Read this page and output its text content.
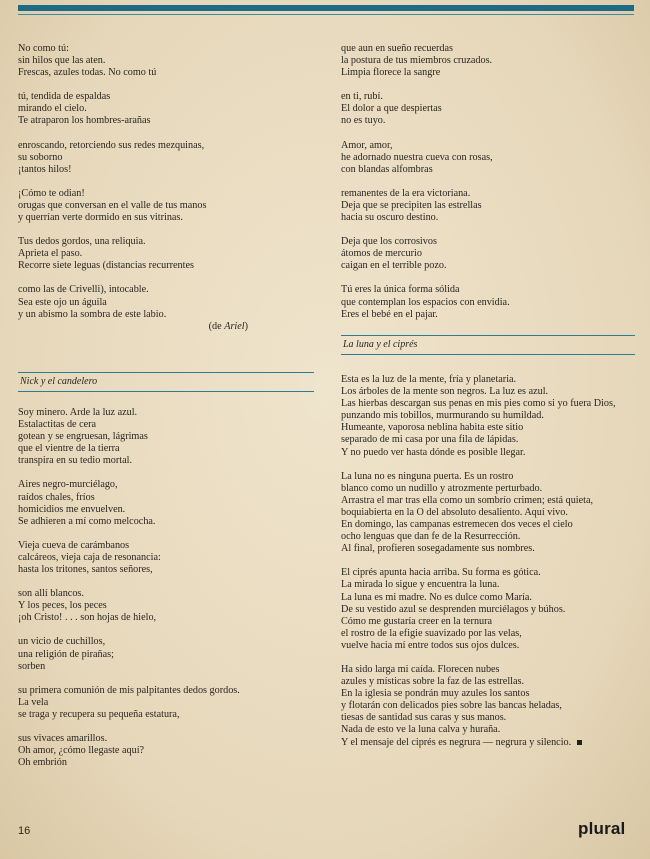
No como tú:
sin hilos que las aten.
Frescas, azules todas. No como tú
tú, tendida de espaldas
mirando el cielo.
Te atraparon los hombres-arañas
enroscando, retorciendo sus redes mezquinas,
su soborno
¡tantos hilos!
¡Cómo te odian!
orugas que conversan en el valle de tus manos
y querrían verte dormido en sus vitrinas.
Tus dedos gordos, una reliquia.
Aprieta el paso.
Recorre siete leguas (distancias recurrentes
como las de Crivelli), intocable.
Sea este ojo un águila
y un abismo la sombra de este labio.
(de Ariel)
que aun en sueño recuerdas
la postura de tus miembros cruzados.
Limpia florece la sangre
en ti, rubí.
El dolor a que despiertas
no es tuyo.
Amor, amor,
he adornado nuestra cueva con rosas,
con blandas alfombras
remanentes de la era victoriana.
Deja que se precipiten las estrellas
hacia su oscuro destino.
Deja que los corrosivos
átomos de mercurio
caigan en el terrible pozo.
Tú eres la única forma sólida
que contemplan los espacios con envidia.
Eres el bebé en el pajar.
Nick y el candelero
Soy minero. Arde la luz azul.
Estalactitas de cera
gotean y se engruesan, lágrimas
que el vientre de la tierra
transpira en su tedio mortal.
Aires negro-murciélago,
raídos chales, fríos
homicidios me envuelven.
Se adhieren a mí como melcocha.
Vieja cueva de carámbanos
calcáreos, vieja caja de resonancia:
hasta los tritones, santos señores,
son allí blancos.
Y los peces, los peces
¡oh Cristo! . . . son hojas de hielo,
un vicio de cuchillos,
una religión de pirañas;
sorben
su primera comunión de mis palpitantes dedos gordos.
La vela
se traga y recupera su pequeña estatura,
sus vivaces amarillos.
Oh amor, ¿cómo llegaste aquí?
Oh embrión
La luna y el ciprés
Esta es la luz de la mente, fría y planetaria.
Los árboles de la mente son negros. La luz es azul.
Las hierbas descargan sus penas en mis pies como si yo fuera Dios,
punzando mis tobillos, murmurando su humildad.
Humeante, vaporosa neblina habita este sitio
separado de mi casa por una fila de lápidas.
Y no puedo ver hasta dónde es posible llegar.
La luna no es ninguna puerta. Es un rostro
blanco como un nudillo y atrozmente perturbado.
Arrastra el mar tras ella como un sombrío crimen; está quieta,
boquiabierta en la O del absoluto desaliento. Aquí vivo.
En domingo, las campanas estremecen dos veces el cielo
ocho lenguas que dan fe de la Resurrección.
Al final, profieren sosegadamente sus nombres.
El ciprés apunta hacia arriba. Su forma es gótica.
La mirada lo sigue y encuentra la luna.
La luna es mi madre. No es dulce como María.
De su vestido azul se desprenden murciélagos y búhos.
Cómo me gustaría creer en la ternura
el rostro de la efigie suavizado por las velas,
vuelve hacia mí entre todos sus ojos dulces.
Ha sido larga mi caída. Florecen nubes
azules y místicas sobre la faz de las estrellas.
En la iglesia se pondrán muy azules los santos
y flotarán con delicados pies sobre las bancas heladas,
tiesas de santidad sus caras y sus manos.
Nada de esto ve la luna calva y huraña.
Y el mensaje del ciprés es negrura — negrura y silencio.
16	plural
